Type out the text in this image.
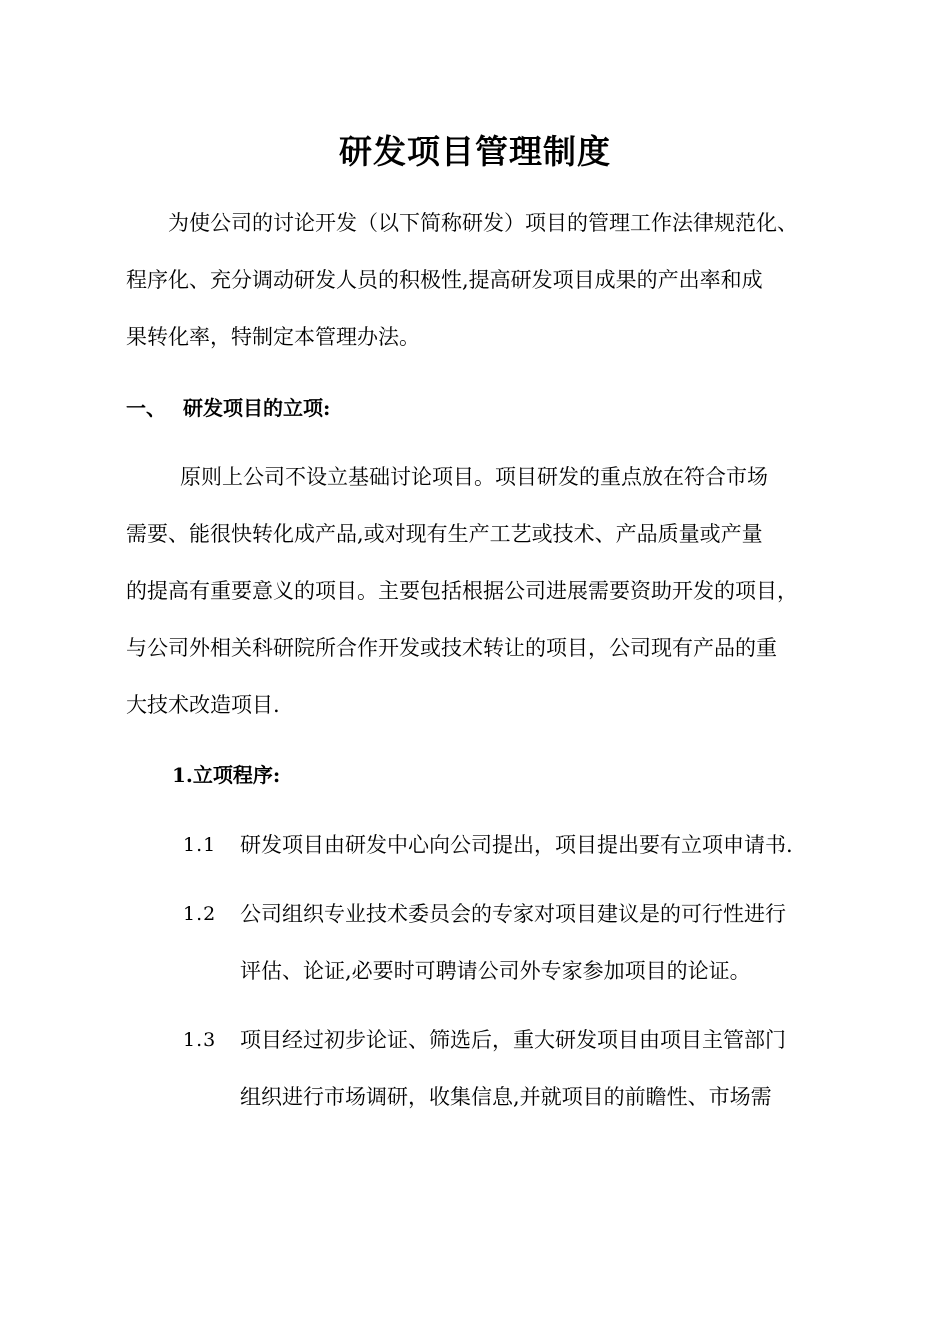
研发项目管理制度
为使公司的讨论开发（以下简称研发）项目的管理工作法律规范化、
程序化、充分调动研发人员的积极性,提高研发项目成果的产出率和成
果转化率，特制定本管理办法。
一、 研发项目的立项:
原则上公司不设立基础讨论项目。项目研发的重点放在符合市场
需要、能很快转化成产品,或对现有生产工艺或技术、产品质量或产量
的提高有重要意义的项目。主要包括根据公司进展需要资助开发的项目，
与公司外相关科研院所合作开发或技术转让的项目，公司现有产品的重
大技术改造项目.
1.立项程序:
1.1 研发项目由研发中心向公司提出，项目提出要有立项申请书.
1.2 公司组织专业技术委员会的专家对项目建议是的可行性进行
评估、论证,必要时可聘请公司外专家参加项目的论证。
1.3 项目经过初步论证、筛选后，重大研发项目由项目主管部门
组织进行市场调研，收集信息,并就项目的前瞻性、市场需
